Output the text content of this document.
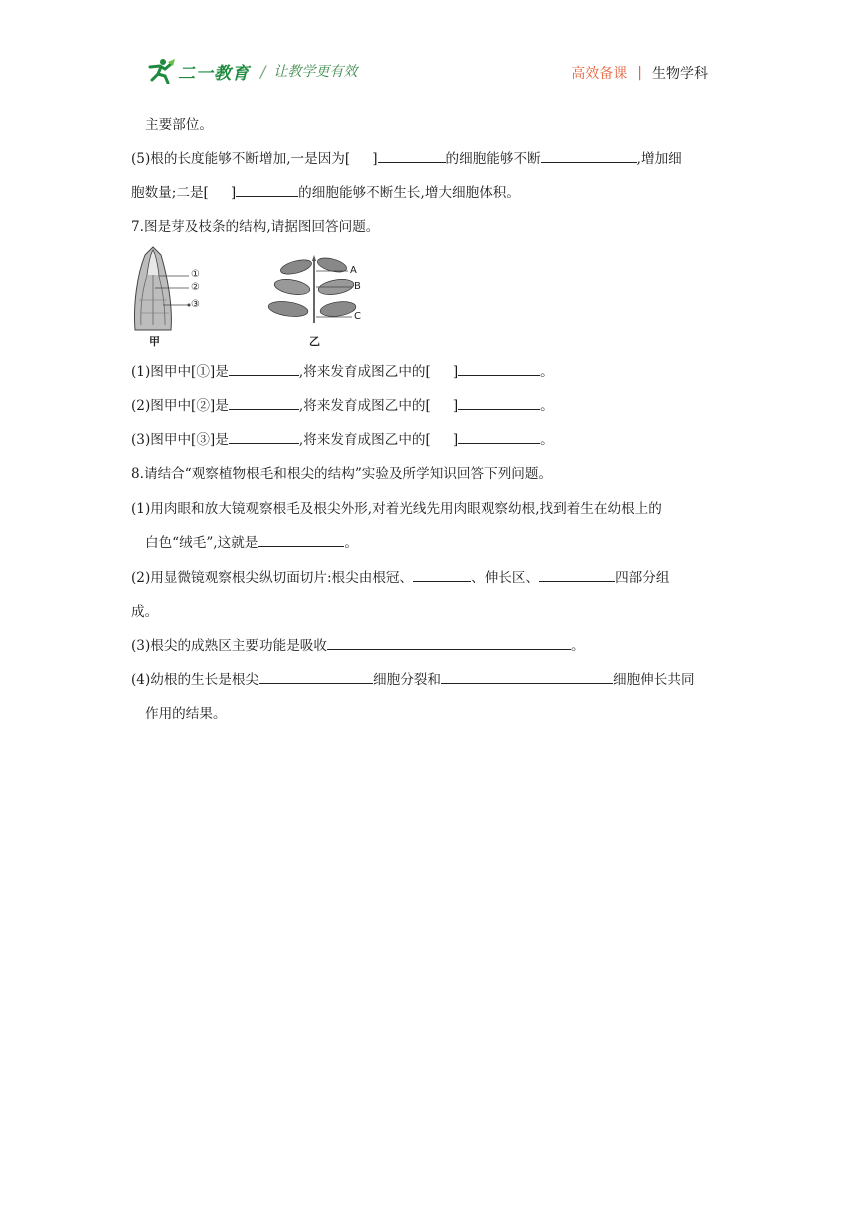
二一教育 / 让教学更有效	高效备课 | 生物学科
主要部位。
(5)根的长度能够不断增加,一是因为[ ]	的细胞能够不断	,增加细
胞数量;二是[ ]	的细胞能够不断生长,增大细胞体积。
7.图是芽及枝条的结构,请据图回答问题。
(1)图甲中[①]是	,将来发育成图乙中的[ ]	。
(2)图甲中[②]是	,将来发育成图乙中的[ ]	。
(3)图甲中[③]是	,将来发育成图乙中的[ ]	。
8.请结合“观察植物根毛和根尖的结构”实验及所学知识回答下列问题。
(1)用肉眼和放大镜观察根毛及根尖外形,对着光线先用肉眼观察幼根,找到着生在幼根上的
白色“绒毛”,这就是	。
(2)用显微镜观察根尖纵切面切片:根尖由根冠、	、伸长区、	四部分组
成。
(3)根尖的成熟区主要功能是吸收	。
(4)幼根的生长是根尖	细胞分裂和	细胞伸长共同
作用的结果。
①
②
③
甲
A
B
C
乙
